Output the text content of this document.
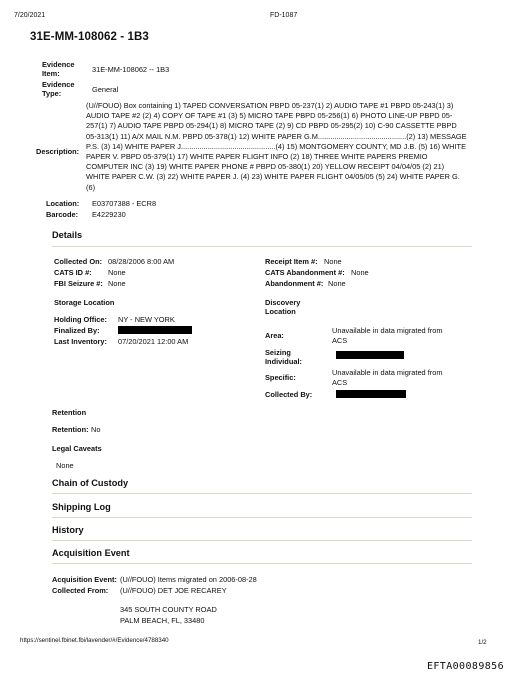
7/20/2021	FD-1087
31E-MM-108062 - 1B3
Evidence Item:	31E-MM-108062 -- 1B3
Evidence Type:	General
Description:

(U//FOUO) Box containing 1) TAPED CONVERSATION PBPD 05-237(1) 2) AUDIO TAPE #1 PBPD 05-243(1) 3)

AUDIO TAPE #2 (2) 4) COPY OF TAPE #1 (3) 5) MICRO TAPE PBPD 05-256(1) 6) PHOTO LINE-UP PBPD 05-

257(1) 7) AUDIO TAPE PBPD 05-294(1) 8) MICRO TAPE (2) 9) CD PBPD 05-295(2) 10) C-90 CASSETTE PBPD

05-313(1) 11) A/X MAIL N.M. PBPD 05-378(1) 12) WHITE PAPER G.M...........................................(2) 13) MESSAGE

P.S. (3) 14) WHITE PAPER J..............................................(4) 15) MONTGOMERY COUNTY, MD J.B. (5) 16) WHITE

PAPER V. PBPD 05-379(1) 17) WHITE PAPER FLIGHT INFO (2) 18) THREE WHITE PAPERS PREMIO

COMPUTER INC (3) 19) WHITE PAPER PHONE # PBPD 05-380(1) 20) YELLOW RECEIPT 04/04/05 (2) 21)

WHITE PAPER C.W. (3) 22) WHITE PAPER J. (4) 23) WHITE PAPER FLIGHT 04/05/05 (5) 24) WHITE PAPER G.

(6)

Location: E03707388 - ECR8
Barcode: E4229230
Details
Collected On: 08/28/2006 8:00 AM
CATS ID #: None
FBI Seizure #: None
Receipt Item #: None
CATS Abandonment #: None
Abandonment #: None
Storage Location
Holding Office: NY - NEW YORK
Finalized By:
Last Inventory: 07/20/2021 12:00 AM
Discovery Location
Area:
Unavailable in data migrated from
ACS
Seizing Individual:
Specific:
Unavailable in data migrated from
ACS
Collected By:
Retention
Retention: No
Legal Caveats
None
Chain of Custody
Shipping Log
History
Acquisition Event
Acquisition Event: (U//FOUO) Items migrated on 2006-08-28
Collected From: (U//FOUO) DET JOE RECAREY
345 SOUTH COUNTY ROAD
PALM BEACH, FL, 33480
https://sentinel.fbinet.fbi/lavender/#/Evidence/4788340	1/2
EFTA00089856
